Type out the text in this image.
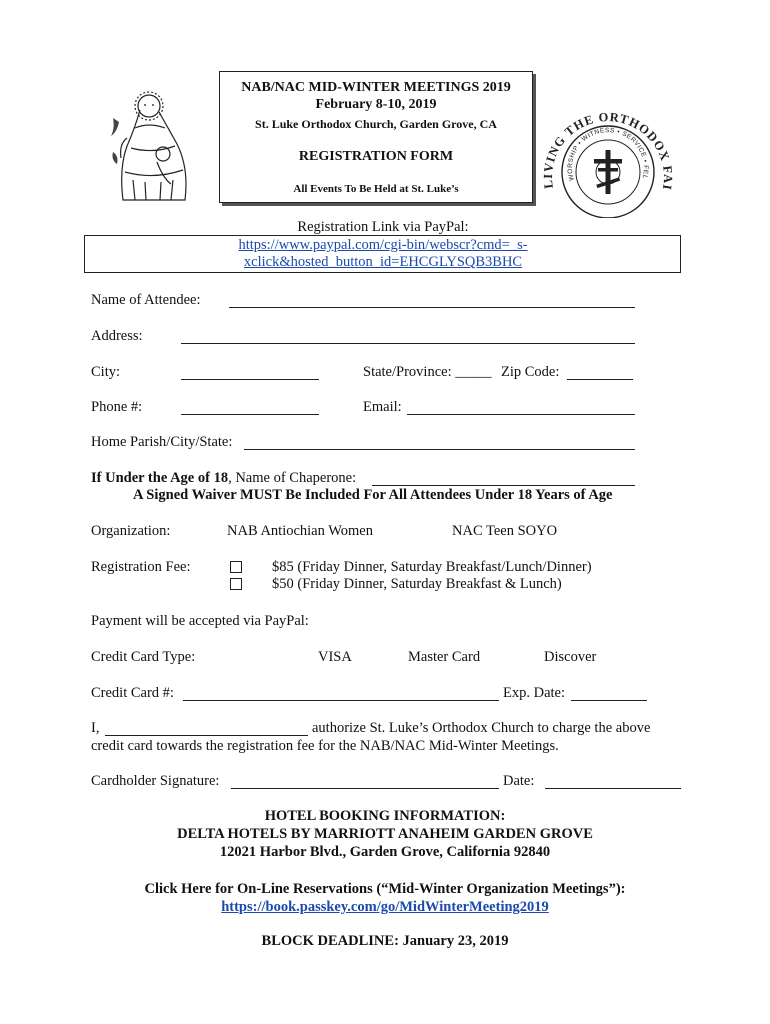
NAB/NAC MID-WINTER MEETINGS 2019
February 8-10, 2019
St. Luke Orthodox Church, Garden Grove, CA
REGISTRATION FORM
All Events To Be Held at St. Luke’s	LIVING THE ORTHODOX FAI
WORSHIP • WITNESS • SERVICE • FEL
Registration Link via PayPal:
https://www.paypal.com/cgi-bin/webscr?cmd=_s-
xclick&hosted_button_id=EHCGLYSQB3BHC
Name of Attendee:
Address:
City:	State/Province: _____ Zip Code:
Phone #:	Email:
Home Parish/City/State:
If Under the Age of 18, Name of Chaperone:
A Signed Waiver MUST Be Included For All Attendees Under 18 Years of Age
Organization:	NAB Antiochian Women	NAC Teen SOYO
Registration Fee:	$85 (Friday Dinner, Saturday Breakfast/Lunch/Dinner)
$50 (Friday Dinner, Saturday Breakfast & Lunch)
Payment will be accepted via PayPal:
Credit Card Type:	VISA	Master Card	Discover
Credit Card #:	Exp. Date:
I,	authorize St. Luke’s Orthodox Church to charge the above
credit card towards the registration fee for the NAB/NAC Mid-Winter Meetings.
Cardholder Signature:	Date:
HOTEL BOOKING INFORMATION:
DELTA HOTELS BY MARRIOTT ANAHEIM GARDEN GROVE
12021 Harbor Blvd., Garden Grove, California 92840
Click Here for On-Line Reservations (“Mid-Winter Organization Meetings”):
https://book.passkey.com/go/MidWinterMeeting2019
BLOCK DEADLINE: January 23, 2019
